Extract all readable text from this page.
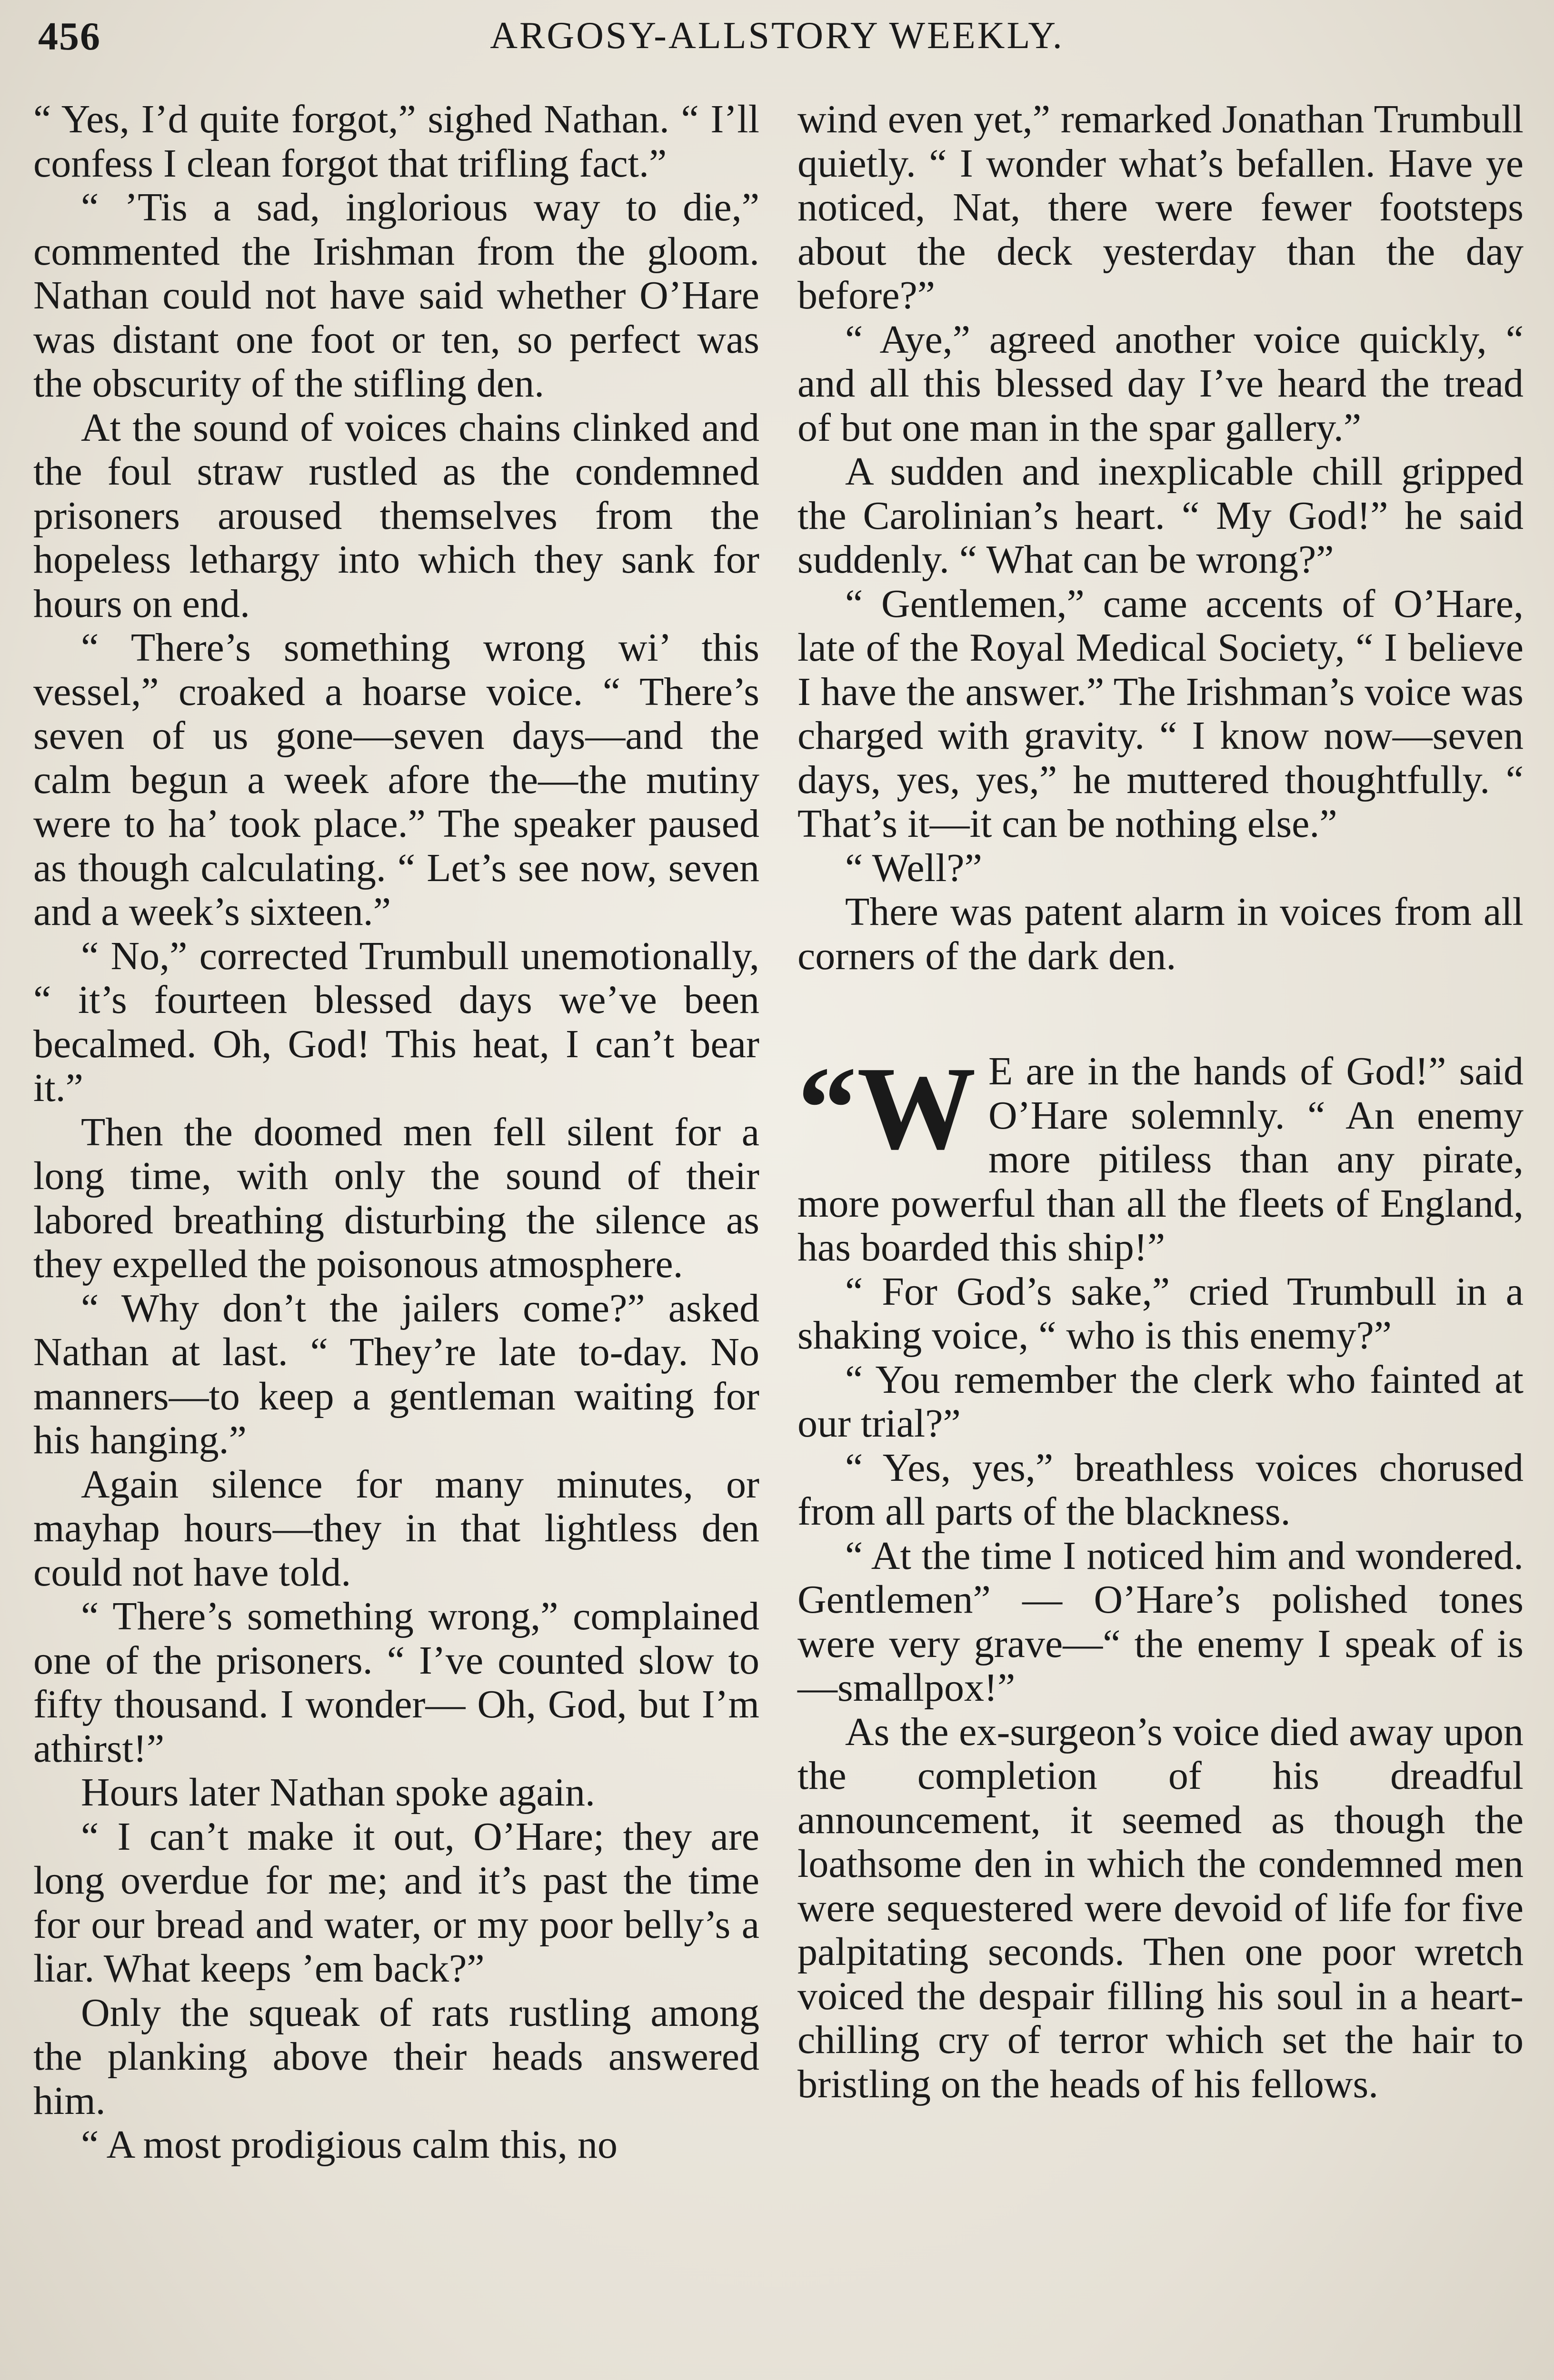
456	ARGOSY-ALLSTORY WEEKLY.

“ Yes, I’d quite forgot,” sighed Nathan. “ I’ll confess I clean forgot that trifling fact.”

“ ’Tis a sad, inglorious way to die,” commented the Irishman from the gloom. Nathan could not have said whether O’Hare was distant one foot or ten, so perfect was the obscurity of the stifling den.

At the sound of voices chains clinked and the foul straw rustled as the condemned prisoners aroused themselves from the hopeless lethargy into which they sank for hours on end.

“ There’s something wrong wi’ this vessel,” croaked a hoarse voice. “ There’s seven of us gone—seven days—and the calm begun a week afore the—the mutiny were to ha’ took place.” The speaker paused as though calculating. “ Let’s see now, seven and a week’s sixteen.”

“ No,” corrected Trumbull unemotionally, “ it’s fourteen blessed days we’ve been becalmed. Oh, God! This heat, I can’t bear it.”

Then the doomed men fell silent for a long time, with only the sound of their labored breathing disturbing the silence as they expelled the poisonous atmosphere.

“ Why don’t the jailers come?” asked Nathan at last. “ They’re late to-day. No manners—to keep a gentleman waiting for his hanging.”

Again silence for many minutes, or mayhap hours—they in that lightless den could not have told.

“ There’s something wrong,” complained one of the prisoners. “ I’ve counted slow to fifty thousand. I wonder— Oh, God, but I’m athirst!”

Hours later Nathan spoke again.

“ I can’t make it out, O’Hare; they are long overdue for me; and it’s past the time for our bread and water, or my poor belly’s a liar. What keeps ’em back?”

Only the squeak of rats rustling among the planking above their heads answered him.

“ A most prodigious calm this, no

wind even yet,” remarked Jonathan Trumbull quietly. “ I wonder what’s befallen. Have ye noticed, Nat, there were fewer footsteps about the deck yesterday than the day before?”

“ Aye,” agreed another voice quickly, “ and all this blessed day I’ve heard the tread of but one man in the spar gallery.”

A sudden and inexplicable chill gripped the Carolinian’s heart. “ My God!” he said suddenly. “ What can be wrong?”

“ Gentlemen,” came accents of O’Hare, late of the Royal Medical Society, “ I believe I have the answer.” The Irishman’s voice was charged with gravity. “ I know now—seven days, yes, yes,” he muttered thoughtfully. “ That’s it—it can be nothing else.”

“ Well?”

There was patent alarm in voices from all corners of the dark den.

“W E are in the hands of God!” said O’Hare solemnly. “ An enemy more pitiless than any pirate, more powerful than all the fleets of England, has boarded this ship!”

“ For God’s sake,” cried Trumbull in a shaking voice, “ who is this enemy?”

“ You remember the clerk who fainted at our trial?”

“ Yes, yes,” breathless voices chorused from all parts of the blackness.

“ At the time I noticed him and wondered. Gentlemen” — O’Hare’s polished tones were very grave—“ the enemy I speak of is—smallpox!”

As the ex-surgeon’s voice died away upon the completion of his dreadful announcement, it seemed as though the loathsome den in which the condemned men were sequestered were devoid of life for five palpitating seconds. Then one poor wretch voiced the despair filling his soul in a heart-chilling cry of terror which set the hair to bristling on the heads of his fellows.
